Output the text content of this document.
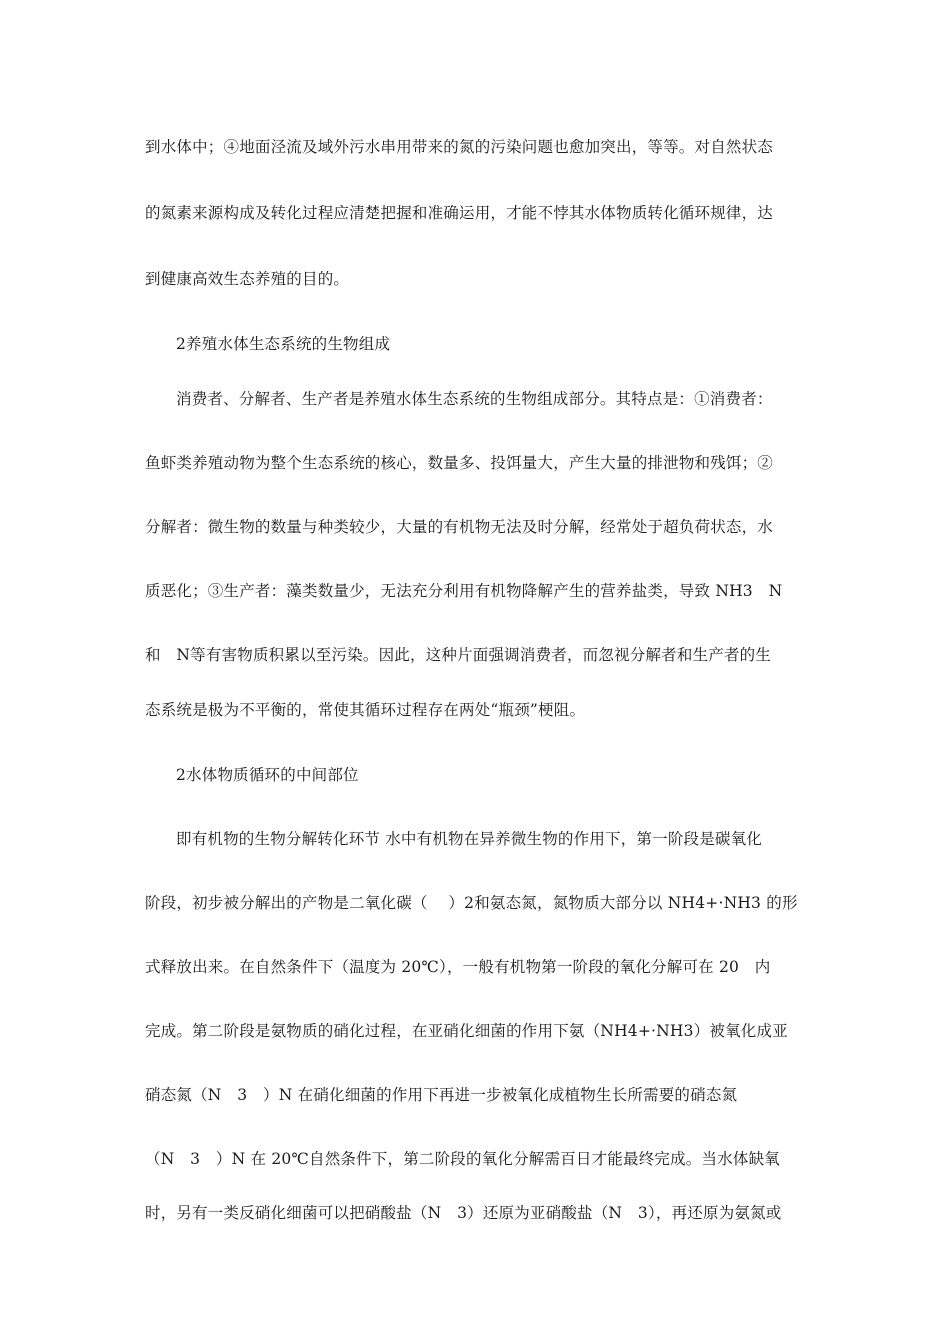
到水体中；④地面泾流及域外污水串用带来的氮的污染问题也愈加突出，等等。对自然状态
的氮素来源构成及转化过程应清楚把握和准确运用，才能不悖其水体物质转化循环规律，达
到健康高效生态养殖的目的。
2养殖水体生态系统的生物组成
消费者、分解者、生产者是养殖水体生态系统的生物组成部分。其特点是：①消费者：
鱼虾类养殖动物为整个生态系统的核心，数量多、投饵量大，产生大量的排泄物和残饵；②
分解者：微生物的数量与种类较少，大量的有机物无法及时分解，经常处于超负荷状态，水
质恶化；③生产者：藻类数量少，无法充分利用有机物降解产生的营养盐类，导致 NH3　N
和　N等有害物质积累以至污染。因此，这种片面强调消费者，而忽视分解者和生产者的生
态系统是极为不平衡的，常使其循环过程存在两处“瓶颈”梗阻。
2水体物质循环的中间部位
即有机物的生物分解转化环节 水中有机物在异养微生物的作用下，第一阶段是碳氧化
阶段，初步被分解出的产物是二氧化碳（　 ）2和氨态氮，氮物质大部分以 NH4+·NH3 的形
式释放出来。在自然条件下（温度为 20℃），一般有机物第一阶段的氧化分解可在 20　内
完成。第二阶段是氨物质的硝化过程，在亚硝化细菌的作用下氨（NH4+·NH3）被氧化成亚
硝态氮（N　3　）N 在硝化细菌的作用下再进一步被氧化成植物生长所需要的硝态氮
（N　3　）N 在 20℃自然条件下，第二阶段的氧化分解需百日才能最终完成。当水体缺氧
时，另有一类反硝化细菌可以把硝酸盐（N　3）还原为亚硝酸盐（N　3），再还原为氨氮或
